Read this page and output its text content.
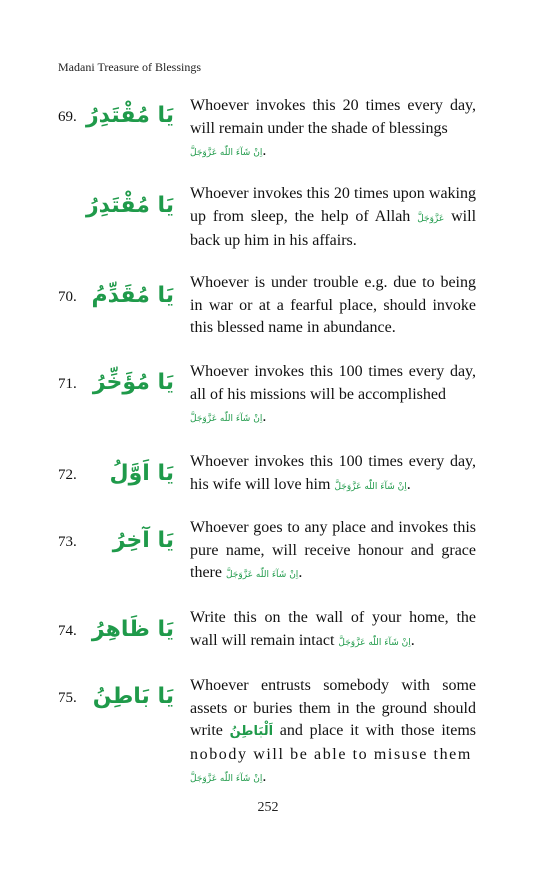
Madani Treasure of Blessings
69. يَا مُقْتَدِرُ Whoever invokes this 20 times every day, will remain under the shade of blessings
اِنْ شَآءَ اللّٰه عَزَّوَجَلَّ.
يَا مُقْتَدِرُ Whoever invokes this 20 times upon waking up from sleep, the help of Allah عَزَّوَجَلَّ will back up him in his affairs.
70. يَا مُقَدِّمُ
Whoever is under trouble e.g. due to being in war or at a fearful place, should invoke this blessed name in abundance.
71. يَا مُؤَخِّرُ Whoever invokes this 100 times every day, all of his missions will be accomplished
اِنْ شَآءَ اللّٰه عَزَّوَجَلَّ.
72. يَا اَوَّلُ Whoever invokes this 100 times every day, his wife will love him اِنْ شَآءَ اللّٰه عَزَّوَجَلَّ.
73. يَا آخِرُ
Whoever goes to any place and invokes this pure name, will receive honour and grace there اِنْ شَآءَ اللّٰه عَزَّوَجَلَّ.
74. يَا ظَاهِرُ Write this on the wall of your home, the wall will remain intact اِنْ شَآءَ اللّٰه عَزَّوَجَلَّ.
75. يَا بَاطِنُ Whoever entrusts somebody with some assets or buries them in the ground should write اَلْبَاطِنُ and place it with those items nobody will be able to misuse them
اِنْ شَآءَ اللّٰه عَزَّوَجَلَّ.
252
